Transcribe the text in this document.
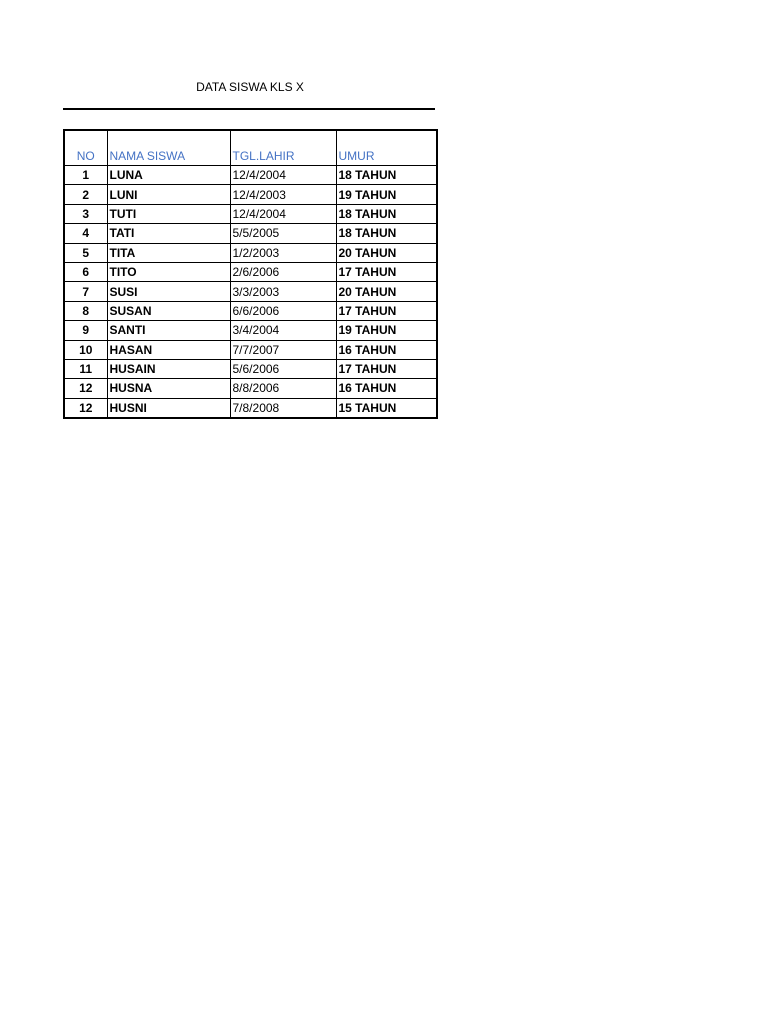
DATA SISWA KLS X
NO	NAMA SISWA	TGL.LAHIR	UMUR
1	LUNA	12/4/2004	18 TAHUN
2	LUNI	12/4/2003	19 TAHUN
3	TUTI	12/4/2004	18 TAHUN
4	TATI	5/5/2005	18 TAHUN
5	TITA	1/2/2003	20 TAHUN
6	TITO	2/6/2006	17 TAHUN
7	SUSI	3/3/2003	20 TAHUN
8	SUSAN	6/6/2006	17 TAHUN
9	SANTI	3/4/2004	19 TAHUN
10	HASAN	7/7/2007	16 TAHUN
11	HUSAIN	5/6/2006	17 TAHUN
12	HUSNA	8/8/2006	16 TAHUN
12	HUSNI	7/8/2008	15 TAHUN
